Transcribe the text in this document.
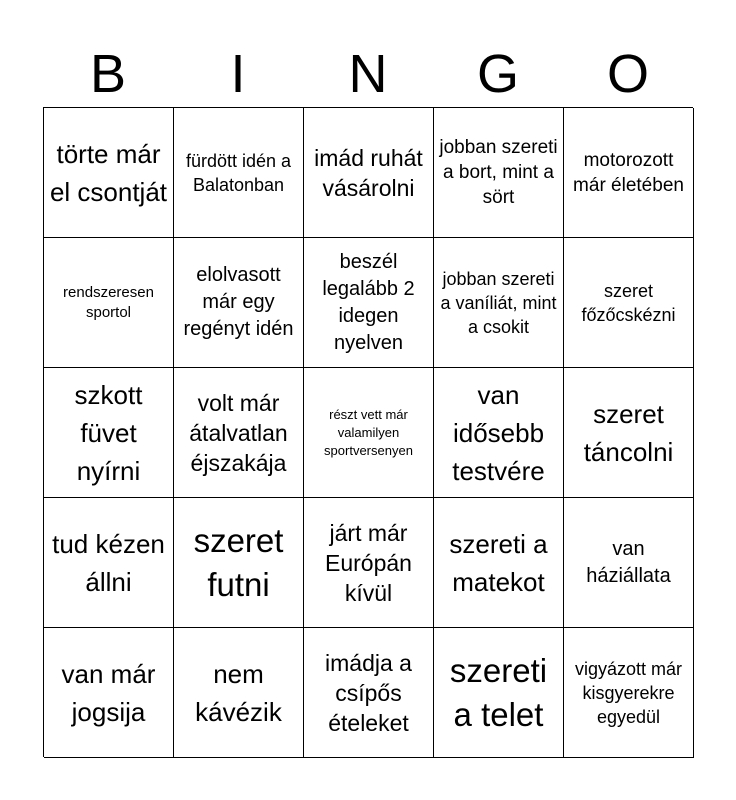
B	I	N	G	O
törte már el csontját
fürdött idén a Balatonban
imád ruhát vásárolni
jobban szereti a bort, mint a sört
motorozott már életében
rendszeresen sportol
elolvasott már egy regényt idén
beszél legalább 2 idegen nyelven
jobban szereti a vaníliát, mint a csokit
szeret főzőcskézni
szkott füvet nyírni
volt már átalvatlan éjszakája
részt vett már valamilyen sportversenyen
van idősebb testvére
szeret táncolni
tud kézen állni
szeret futni
járt már Európán kívül
szereti a matekot
van háziállata
van már jogsija
nem kávézik
imádja a csípős ételeket
szereti a telet
vigyázott már kisgyerekre egyedül
